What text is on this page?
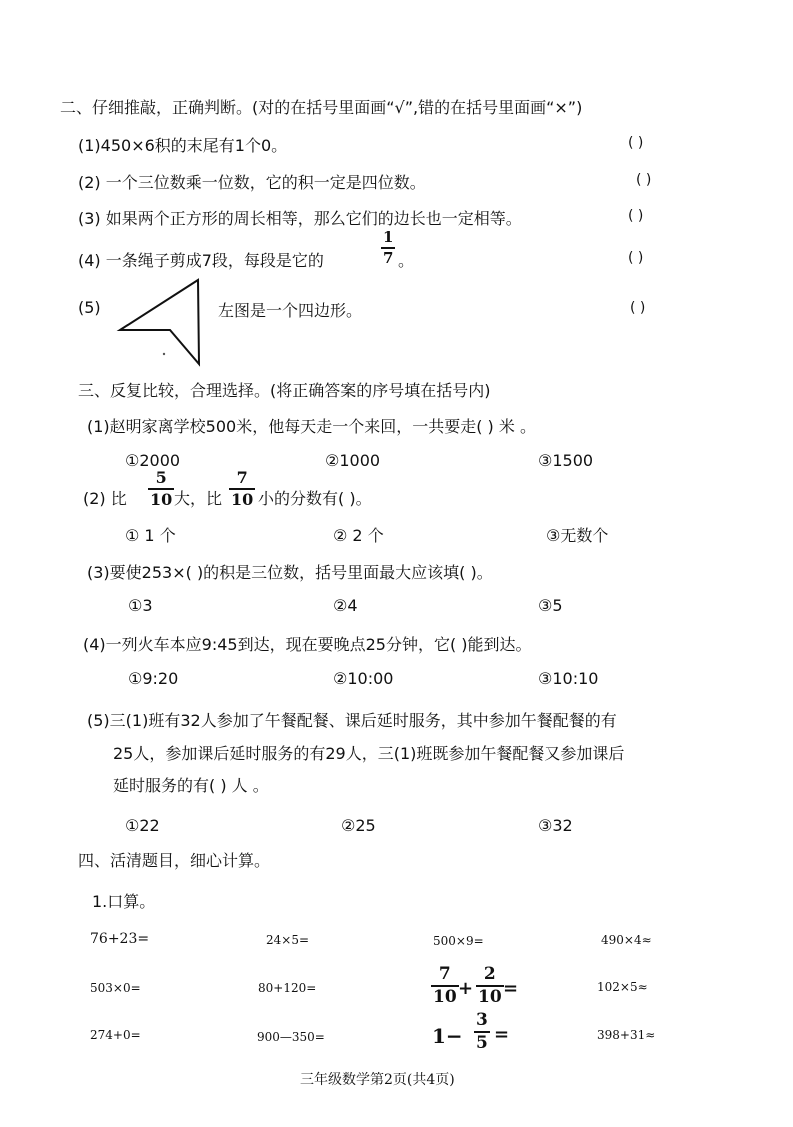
二、仔细推敲，正确判断。(对的在括号里面画“√”,错的在括号里面画“×”)
(1)450×6积的末尾有1个0。	( )
(2) 一个三位数乘一位数，它的积一定是四位数。	( )
(3) 如果两个正方形的周长相等，那么它们的边长也一定相等。	( )
(4) 一条绳子剪成7段，每段是它的	$\frac{1}{7}$ 。	( )
(5)	左图是一个四边形。	( )
三、反复比较，合理选择。(将正确答案的序号填在括号内)
(1)赵明家离学校500米，他每天走一个来回，一共要走( ) 米 。
①2000	②1000	③1500
(2) 比 $\frac{5}{10}$ 大，比 $\frac{7}{10}$ 小的分数有( )。
① 1 个	② 2 个	③无数个
(3)要使253×( )的积是三位数，括号里面最大应该填( )。
①3	②4	③5
(4)一列火车本应9:45到达，现在要晚点25分钟，它( )能到达。
①9:20	②10:00	③10:10
(5)三(1)班有32人参加了午餐配餐、课后延时服务，其中参加午餐配餐的有
25人，参加课后延时服务的有29人，三(1)班既参加午餐配餐又参加课后
延时服务的有( ) 人 。
①22	②25	③32
四、活清题目，细心计算。
1.口算。
76+23=	24×5=	500×9=	490×4≈
503×0=	80+120=	$\frac{7}{10} + \frac{2}{10}$ =	102×5≈
274+0=	900—350=	$1- \frac{3}{5}$ =	398+31≈
三年级数学第2页(共4页)
